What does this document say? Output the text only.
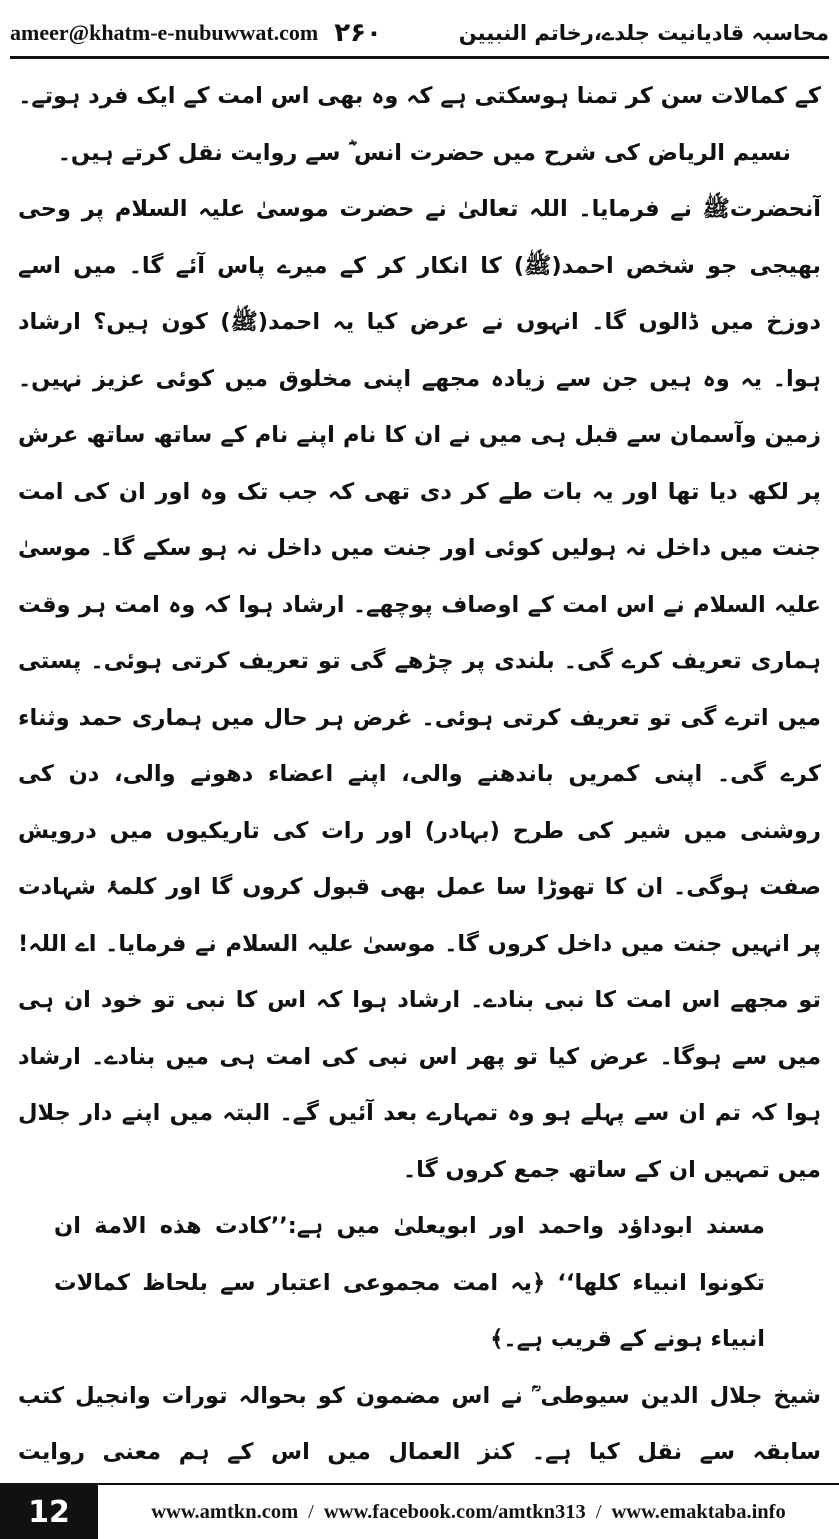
ameer@khatm-e-nubuwwat.com ۲۶۰	محاسبہ قادیانیت جلدے،رخاتم النبیین

کے کمالات سن کر تمنا ہوسکتی ہے کہ وہ بھی اس امت کے ایک فرد ہوتے۔

نسیم الریاض کی شرح میں حضرت انس ؓ سے روایت نقل کرتے ہیں۔

آنحضرتﷺ نے فرمایا۔ اللہ تعالیٰ نے حضرت موسیٰ علیہ السلام پر وحی بھیجی جو شخص احمد(ﷺ) کا انکار کر کے میرے پاس آئے گا۔ میں اسے دوزخ میں ڈالوں گا۔ انہوں نے عرض کیا یہ احمد(ﷺ) کون ہیں؟ ارشاد ہوا۔ یہ وہ ہیں جن سے زیادہ مجھے اپنی مخلوق میں کوئی عزیز نہیں۔ زمین وآسمان سے قبل ہی میں نے ان کا نام اپنے نام کے ساتھ ساتھ عرش پر لکھ دیا تھا اور یہ بات طے کر دی تھی کہ جب تک وہ اور ان کی امت جنت میں داخل نہ ہولیں کوئی اور جنت میں داخل نہ ہو سکے گا۔ موسیٰ علیہ السلام نے اس امت کے اوصاف پوچھے۔ ارشاد ہوا کہ وہ امت ہر وقت ہماری تعریف کرے گی۔ بلندی پر چڑھے گی تو تعریف کرتی ہوئی۔ پستی میں اترے گی تو تعریف کرتی ہوئی۔ غرض ہر حال میں ہماری حمد وثناء کرے گی۔ اپنی کمریں باندھنے والی، اپنے اعضاء دھونے والی، دن کی روشنی میں شیر کی طرح (بہادر) اور رات کی تاریکیوں میں درویش صفت ہوگی۔ ان کا تھوڑا سا عمل بھی قبول کروں گا اور کلمۂ شہادت پر انہیں جنت میں داخل کروں گا۔ موسیٰ علیہ السلام نے فرمایا۔ اے اللہ! تو مجھے اس امت کا نبی بنادے۔ ارشاد ہوا کہ اس کا نبی تو خود ان ہی میں سے ہوگا۔ عرض کیا تو پھر اس نبی کی امت ہی میں بنادے۔ ارشاد ہوا کہ تم ان سے پہلے ہو وہ تمہارے بعد آئیں گے۔ البتہ میں اپنے دار جلال میں تمہیں ان کے ساتھ جمع کروں گا۔

مسند ابوداؤد واحمد اور ابویعلیٰ میں ہے:’’کادت هذه الامة ان تكونوا انبياء كلها‘‘ ﴿یہ امت مجموعی اعتبار سے بلحاظ کمالات انبیاء ہونے کے قریب ہے۔﴾

شیخ جلال الدین سیوطی ؒ نے اس مضمون کو بحوالہ تورات وانجیل کتب سابقہ سے نقل کیا ہے۔ کنز العمال میں اس کے ہم معنی روایت

12	www.amtkn.com / www.facebook.com/amtkn313 / www.emaktaba.info
